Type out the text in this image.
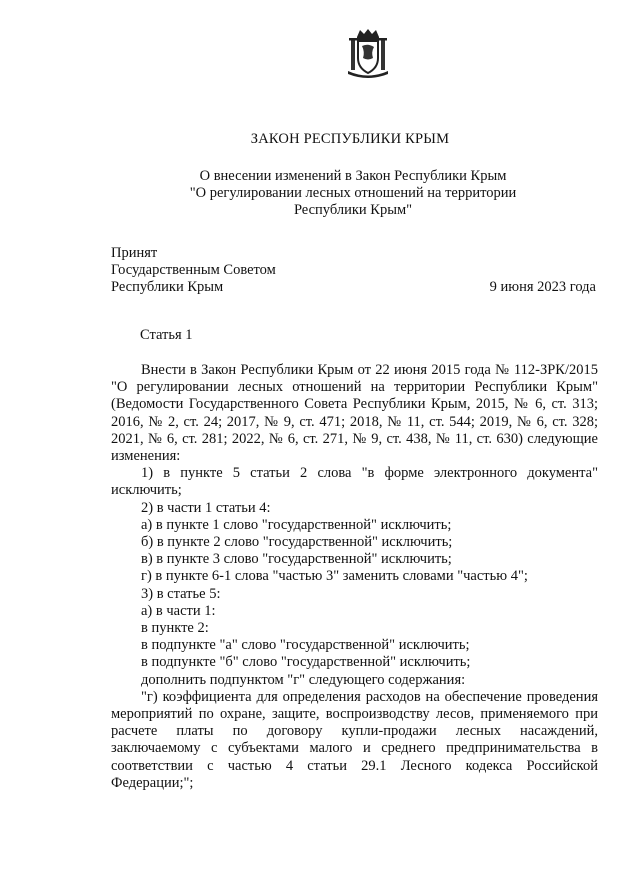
ЗАКОН РЕСПУБЛИКИ КРЫМ
О внесении изменений в Закон Республики Крым
"О регулировании лесных отношений на территории
Республики Крым"
Принят
Государственным Советом
Республики Крым	9 июня 2023 года
Статья 1

Внести в Закон Республики Крым от 22 июня 2015 года № 112-ЗРК/2015 "О регулировании лесных отношений на территории Республики Крым" (Ведомости Государственного Совета Республики Крым, 2015, № 6, ст. 313; 2016, № 2, ст. 24; 2017, № 9, ст. 471; 2018, № 11, ст. 544; 2019, № 6, ст. 328; 2021, № 6, ст. 281; 2022, № 6, ст. 271, № 9, ст. 438, № 11, ст. 630) следующие изменения:

1) в пункте 5 статьи 2 слова "в форме электронного документа" исключить;

2) в части 1 статьи 4:

а) в пункте 1 слово "государственной" исключить;

б) в пункте 2 слово "государственной" исключить;

в) в пункте 3 слово "государственной" исключить;

г) в пункте 6-1 слова "частью 3" заменить словами "частью 4";

3) в статье 5:

а) в части 1:

в пункте 2:

в подпункте "а" слово "государственной" исключить;

в подпункте "б" слово "государственной" исключить;

дополнить подпунктом "г" следующего содержания:

"г) коэффициента для определения расходов на обеспечение проведения мероприятий по охране, защите, воспроизводству лесов, применяемого при расчете платы по договору купли-продажи лесных насаждений, заключаемому с субъектами малого и среднего предпринимательства в соответствии с частью 4 статьи 29.1 Лесного кодекса Российской Федерации;";
